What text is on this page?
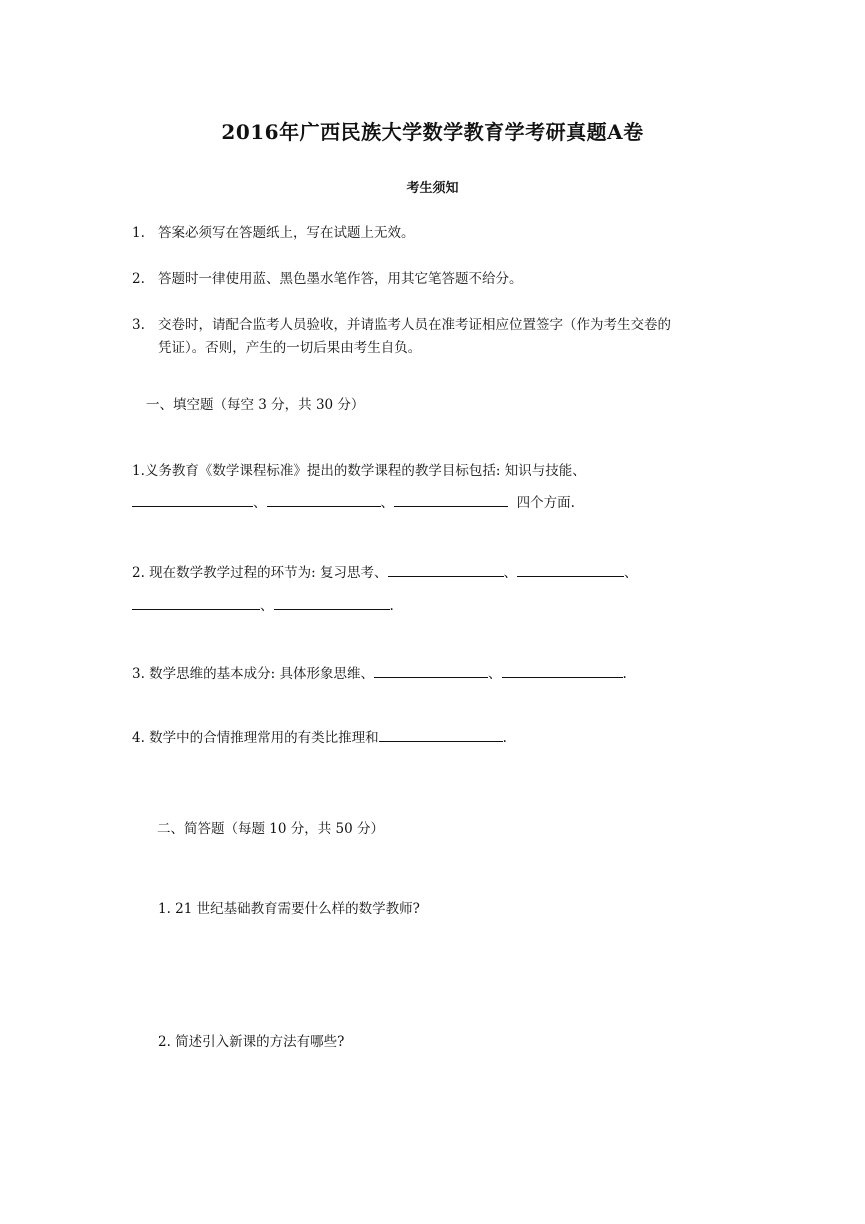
2016年广西民族大学数学教育学考研真题A卷
考生须知
1. 答案必须写在答题纸上，写在试题上无效。
2. 答题时一律使用蓝、黑色墨水笔作答，用其它笔答题不给分。
3. 交卷时，请配合监考人员验收，并请监考人员在准考证相应位置签字（作为考生交卷的
凭证）。否则，产生的一切后果由考生自负。
一、填空题（每空 3 分，共 30 分）
1.义务教育《数学课程标准》提出的数学课程的教学目标包括: 知识与技能、
、	、	四个方面.
2. 现在数学教学过程的环节为: 复习思考、	、	、
、	.
3. 数学思维的基本成分: 具体形象思维、	、	.
4. 数学中的合情推理常用的有类比推理和	.
二、简答题（每题 10 分，共 50 分）
1. 21 世纪基础教育需要什么样的数学教师?
2. 简述引入新课的方法有哪些?
